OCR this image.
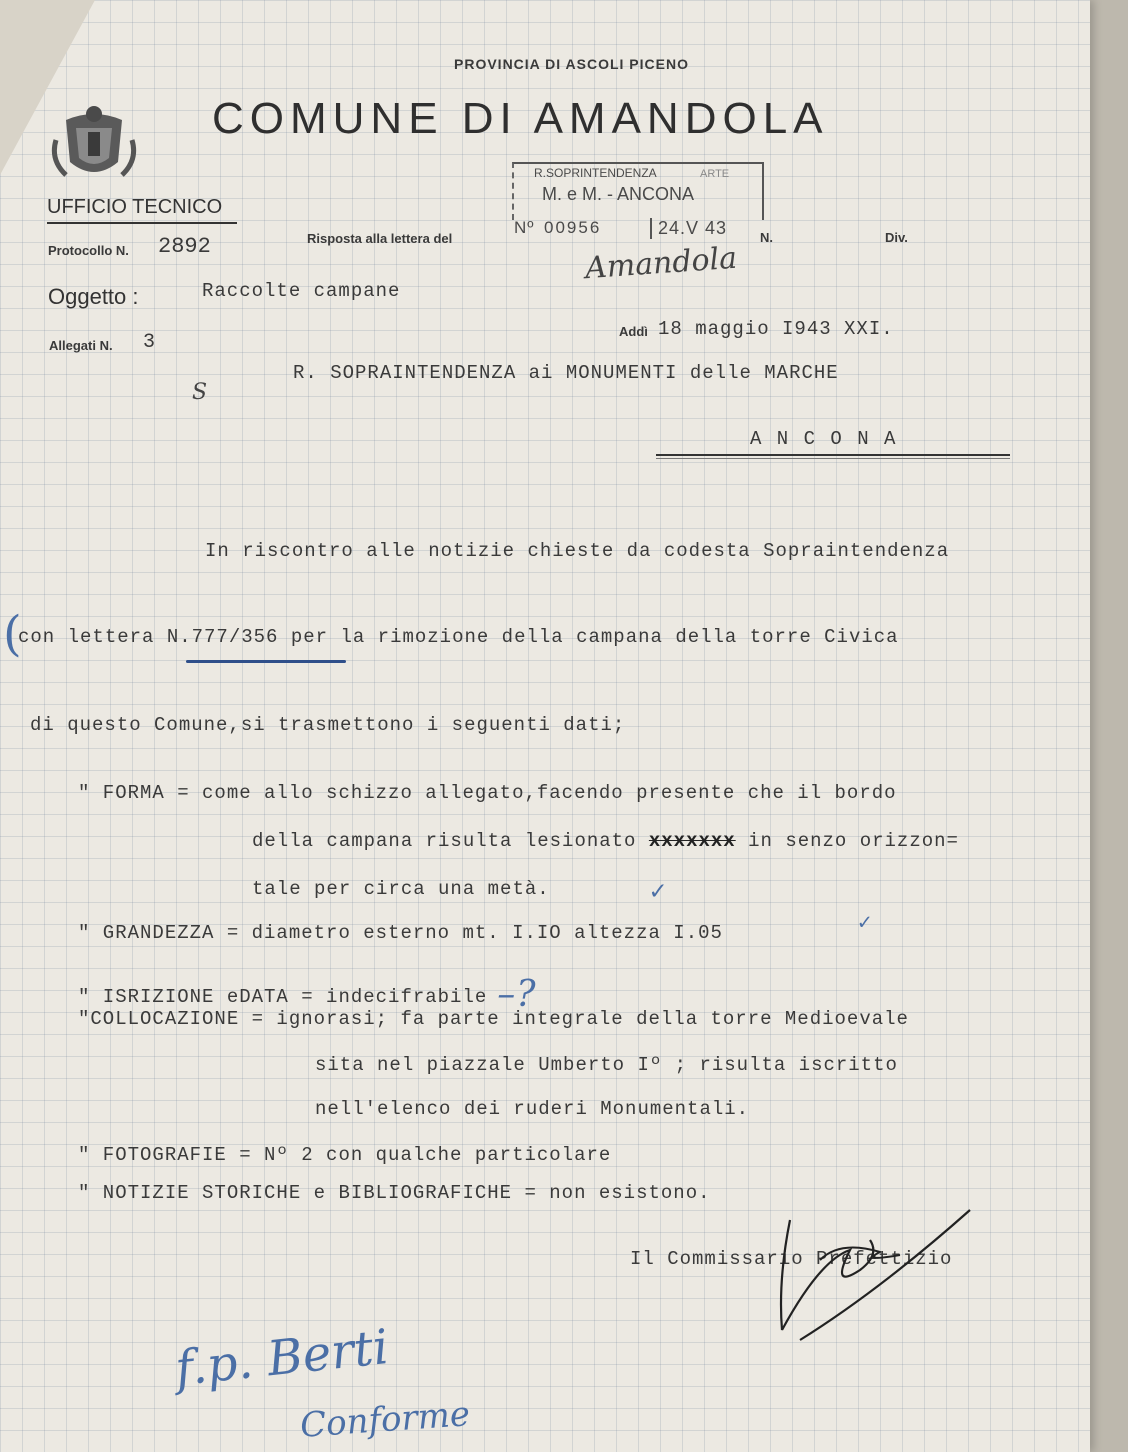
PROVINCIA DI ASCOLI PICENO
COMUNE DI AMANDOLA
UFFICIO TECNICO
Protocollo N. 2892	Risposta alla lettera del	N.	Div.
R.SOPRINTENDENZA	ARTE
M. e M. - ANCONA
Nº 00956	24.V 43
Amandola
Oggetto :	Raccolte campane
Allegati N. 3	Addì 18 maggio I943 XXI.
S
R. SOPRAINTENDENZA ai MONUMENTI delle MARCHE
A N C O N A
In riscontro alle notizie chieste da codesta Sopraintendenza
(
con lettera N.777/356 per la rimozione della campana della torre Civica
di questo Comune,si trasmettono i seguenti dati;
" FORMA = come allo schizzo allegato,facendo presente che il bordo
della campana risulta lesionato xxxxxxx in senzo orizzon=
tale per circa una metà.	✓
" GRANDEZZA = diametro esterno mt. I.IO altezza I.05	✓
" ISRIZIONE eDATA = indecifrabile –?
"COLLOCAZIONE = ignorasi; fa parte integrale della torre Medioevale
sita nel piazzale Umberto Iº ; risulta iscritto
nell'elenco dei ruderi Monumentali.
" FOTOGRAFIE = Nº 2 con qualche particolare
" NOTIZIE STORICHE e BIBLIOGRAFICHE = non esistono.
Il Commissario Prefettizio
f.p. Berti
Conforme
